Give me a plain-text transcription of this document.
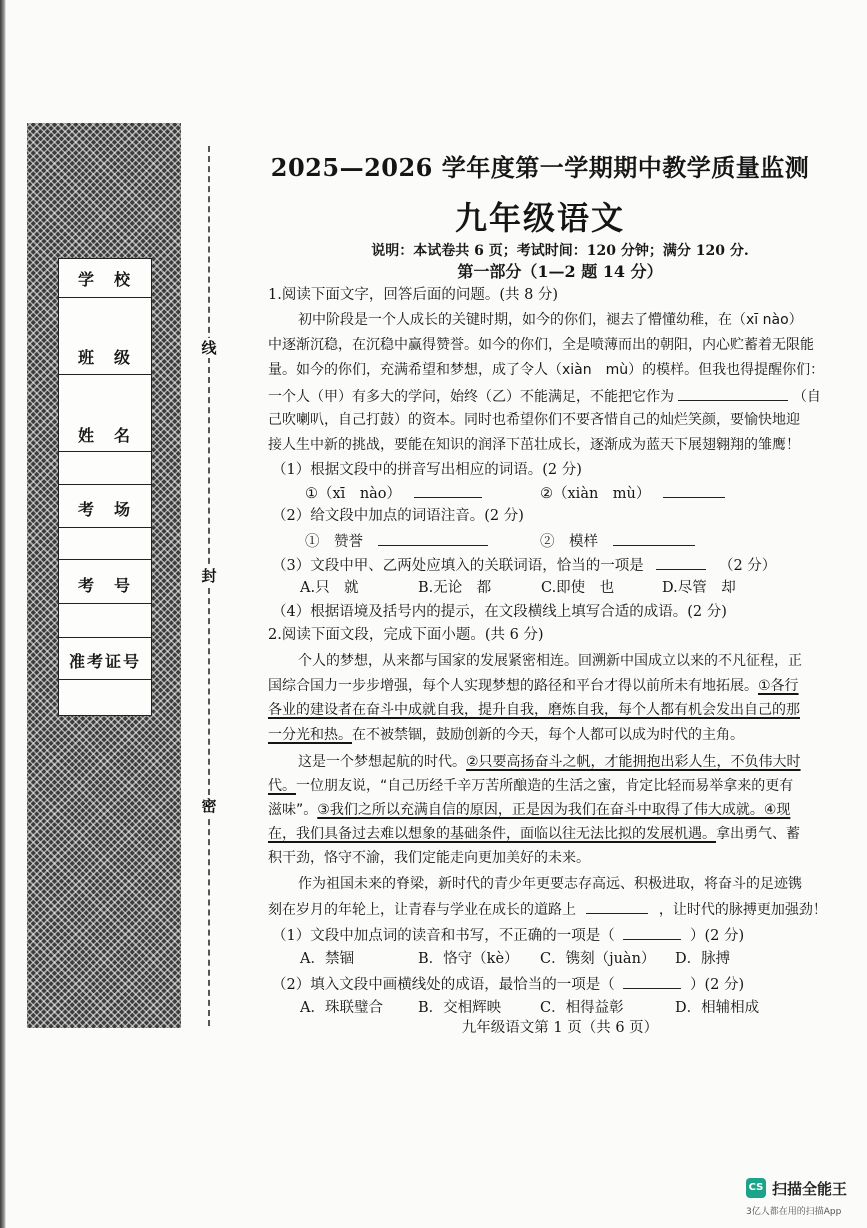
学　校
班　级
姓　名
考　场
考　号
准考证号
线
封
密
2025—2026 学年度第一学期期中教学质量监测
九年级语文
说明：本试卷共 6 页；考试时间：120 分钟；满分 120 分.
第一部分（1—2 题 14 分）
1.阅读下面文字，回答后面的问题。(共 8 分)
初中阶段是一个人成长的关键时期，如今的你们，褪去了懵懂幼稚，在（xī nào）
中逐渐沉稳，在沉稳中赢得赞誉。如今的你们，全是喷薄而出的朝阳，内心贮蓄着无限能
量。如今的你们，充满希望和梦想，成了令人（xiàn　mù）的模样。但我也得提醒你们：
一个人（甲）有多大的学问，始终（乙）不能满足，不能把它作为	（自
己吹喇叭，自己打鼓）的资本。同时也希望你们不要吝惜自己的灿烂笑颜，要愉快地迎
接人生中新的挑战，要能在知识的润泽下茁壮成长，逐渐成为蓝天下展翅翱翔的雏鹰！
（1）根据文段中的拼音写出相应的词语。(2 分)
①（xī　nào）	②（xiàn　mù）
（2）给文段中加点的词语注音。(2 分)
①　赞誉	②　模样
（3）文段中甲、乙两处应填入的关联词语，恰当的一项是	（2 分）
A.只　就	B.无论　都	C.即使　也	D.尽管　却
（4）根据语境及括号内的提示，在文段横线上填写合适的成语。(2 分)
2.阅读下面文段，完成下面小题。(共 6 分)
个人的梦想，从来都与国家的发展紧密相连。回溯新中国成立以来的不凡征程，正
国综合国力一步步增强，每个人实现梦想的路径和平台才得以前所未有地拓展。①各行
各业的建设者在奋斗中成就自我，提升自我，磨炼自我，每个人都有机会发出自己的那
一分光和热。在不被禁锢，鼓励创新的今天，每个人都可以成为时代的主角。
这是一个梦想起航的时代。②只要高扬奋斗之帆，才能拥抱出彩人生，不负伟大时
代。一位朋友说，“自己历经千辛万苦所酿造的生活之蜜，肯定比轻而易举拿来的更有
滋味”。③我们之所以充满自信的原因，正是因为我们在奋斗中取得了伟大成就。④现
在，我们具备过去难以想象的基础条件，面临以往无法比拟的发展机遇。拿出勇气、蓄
积干劲，恪守不渝，我们定能走向更加美好的未来。
作为祖国未来的脊梁，新时代的青少年更要志存高远、积极进取，将奋斗的足迹镌
刻在岁月的年轮上，让青春与学业在成长的道路上	，让时代的脉搏更加强劲！
（1）文段中加点词的读音和书写，不正确的一项是（	）(2 分)
A．禁锢	B．恪守（kè） C．镌刻（juàn） D．脉搏
（2）填入文段中画横线处的成语，最恰当的一项是（	）(2 分)
A．珠联璧合 B．交相辉映	C．相得益彰	D．相辅相成
九年级语文第 1 页（共 6 页）
CS 扫描全能王
3亿人都在用的扫描App
